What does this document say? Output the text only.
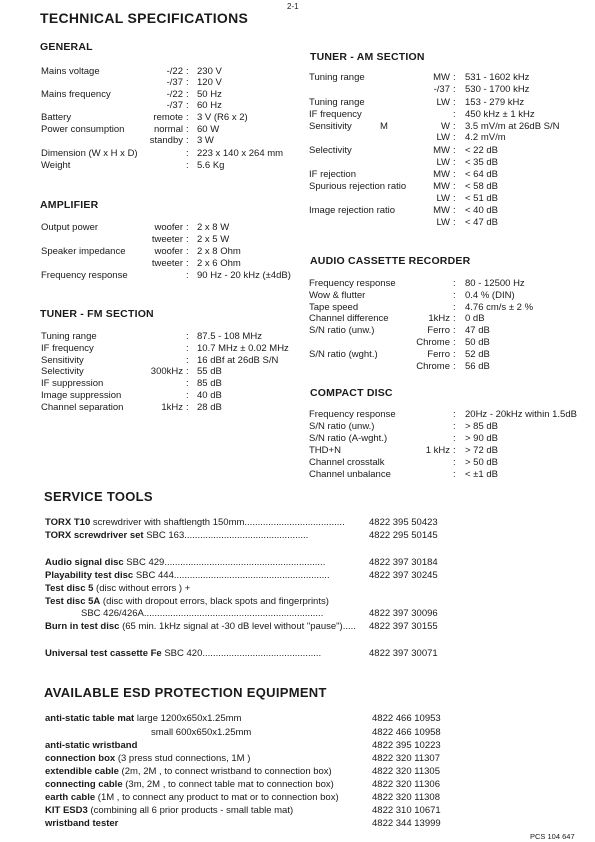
2-1
TECHNICAL SPECIFICATIONS
GENERAL
Mains voltage	-/22 : 230 V
-/37 : 120 V
Mains frequency	-/22 : 50 Hz
-/37 : 60 Hz
Battery	remote : 3 V (R6 x 2)
Power consumption	normal : 60 W
standby : 3 W
Dimension (W x H x D)	: 223 x 140 x 264 mm
Weight	: 5.6 Kg
AMPLIFIER
Output power	woofer : 2 x 8 W
tweeter : 2 x 5 W
Speaker impedance	woofer : 2 x 8 Ohm
tweeter : 2 x 6 Ohm
Frequency response	: 90 Hz - 20 kHz (±4dB)
TUNER - FM SECTION
Tuning range	: 87.5 - 108 MHz
IF frequency	: 10.7 MHz ± 0.02 MHz
Sensitivity	: 16 dBf at 26dB S/N
Selectivity	300kHz : 55 dB
IF suppression	: 85 dB
Image suppression	: 40 dB
Channel separation	1kHz : 28 dB
TUNER - AM SECTION
Tuning range	MW : 531 - 1602 kHz
-/37 : 530 - 1700 kHz
Tuning range	LW : 153 - 279 kHz
IF frequency	: 450 kHz ± 1 kHz
Sensitivity	M	W : 3.5 mV/m at 26dB S/N
LW : 4.2 mV/m
Selectivity	MW : < 22 dB
LW : < 35 dB
IF rejection	MW : < 64 dB
Spurious rejection ratio	MW : < 58 dB
LW : < 51 dB
Image rejection ratio	MW : < 40 dB
LW : < 47 dB
AUDIO CASSETTE RECORDER
Frequency response	: 80 - 12500 Hz
Wow & flutter	: 0.4 % (DIN)
Tape speed	: 4.76 cm/s ± 2 %
Channel difference	1kHz : 0 dB
S/N ratio (unw.)	Ferro : 47 dB
Chrome : 50 dB
S/N ratio (wght.)	Ferro : 52 dB
Chrome : 56 dB
COMPACT DISC
Frequency response	: 20Hz - 20kHz within 1.5dB
S/N ratio (unw.)	: > 85 dB
S/N ratio (A-wght.)	: > 90 dB
THD+N	1 kHz : > 72 dB
Channel crosstalk	: > 50 dB
Channel unbalance	: < ±1 dB
SERVICE TOOLS
TORX T10 screwdriver with shaftlength 150mm......................................	4822 395 50423
TORX screwdriver set SBC 163...............................................	4822 295 50145
Audio signal disc SBC 429.............................................................	4822 397 30184
Playability test disc SBC 444...........................................................	4822 397 30245
Test disc 5 (disc without errors ) +
Test disc 5A (disc with dropout errors, black spots and fingerprints)
SBC 426/426A....................................................................	4822 397 30096
Burn in test disc (65 min. 1kHz signal at -30 dB level without "pause")..... 4822 397 30155
Universal test cassette Fe SBC 420.............................................	4822 397 30071
AVAILABLE ESD PROTECTION EQUIPMENT
anti-static table mat large 1200x650x1.25mm	4822 466 10953
small 600x650x1.25mm	4822 466 10958
anti-static wristband	4822 395 10223
connection box (3 press stud connections, 1M )	4822 320 11307
extendible cable (2m, 2M , to connect wristband to connection box)	4822 320 11305
connecting cable (3m, 2M , to connect table mat to connection box)	4822 320 11306
earth cable (1M , to connect any product to mat or to connection box)	4822 320 11308
KIT ESD3 (combining all 6 prior products - small table mat)	4822 310 10671
wristband tester	4822 344 13999
PCS 104 647
